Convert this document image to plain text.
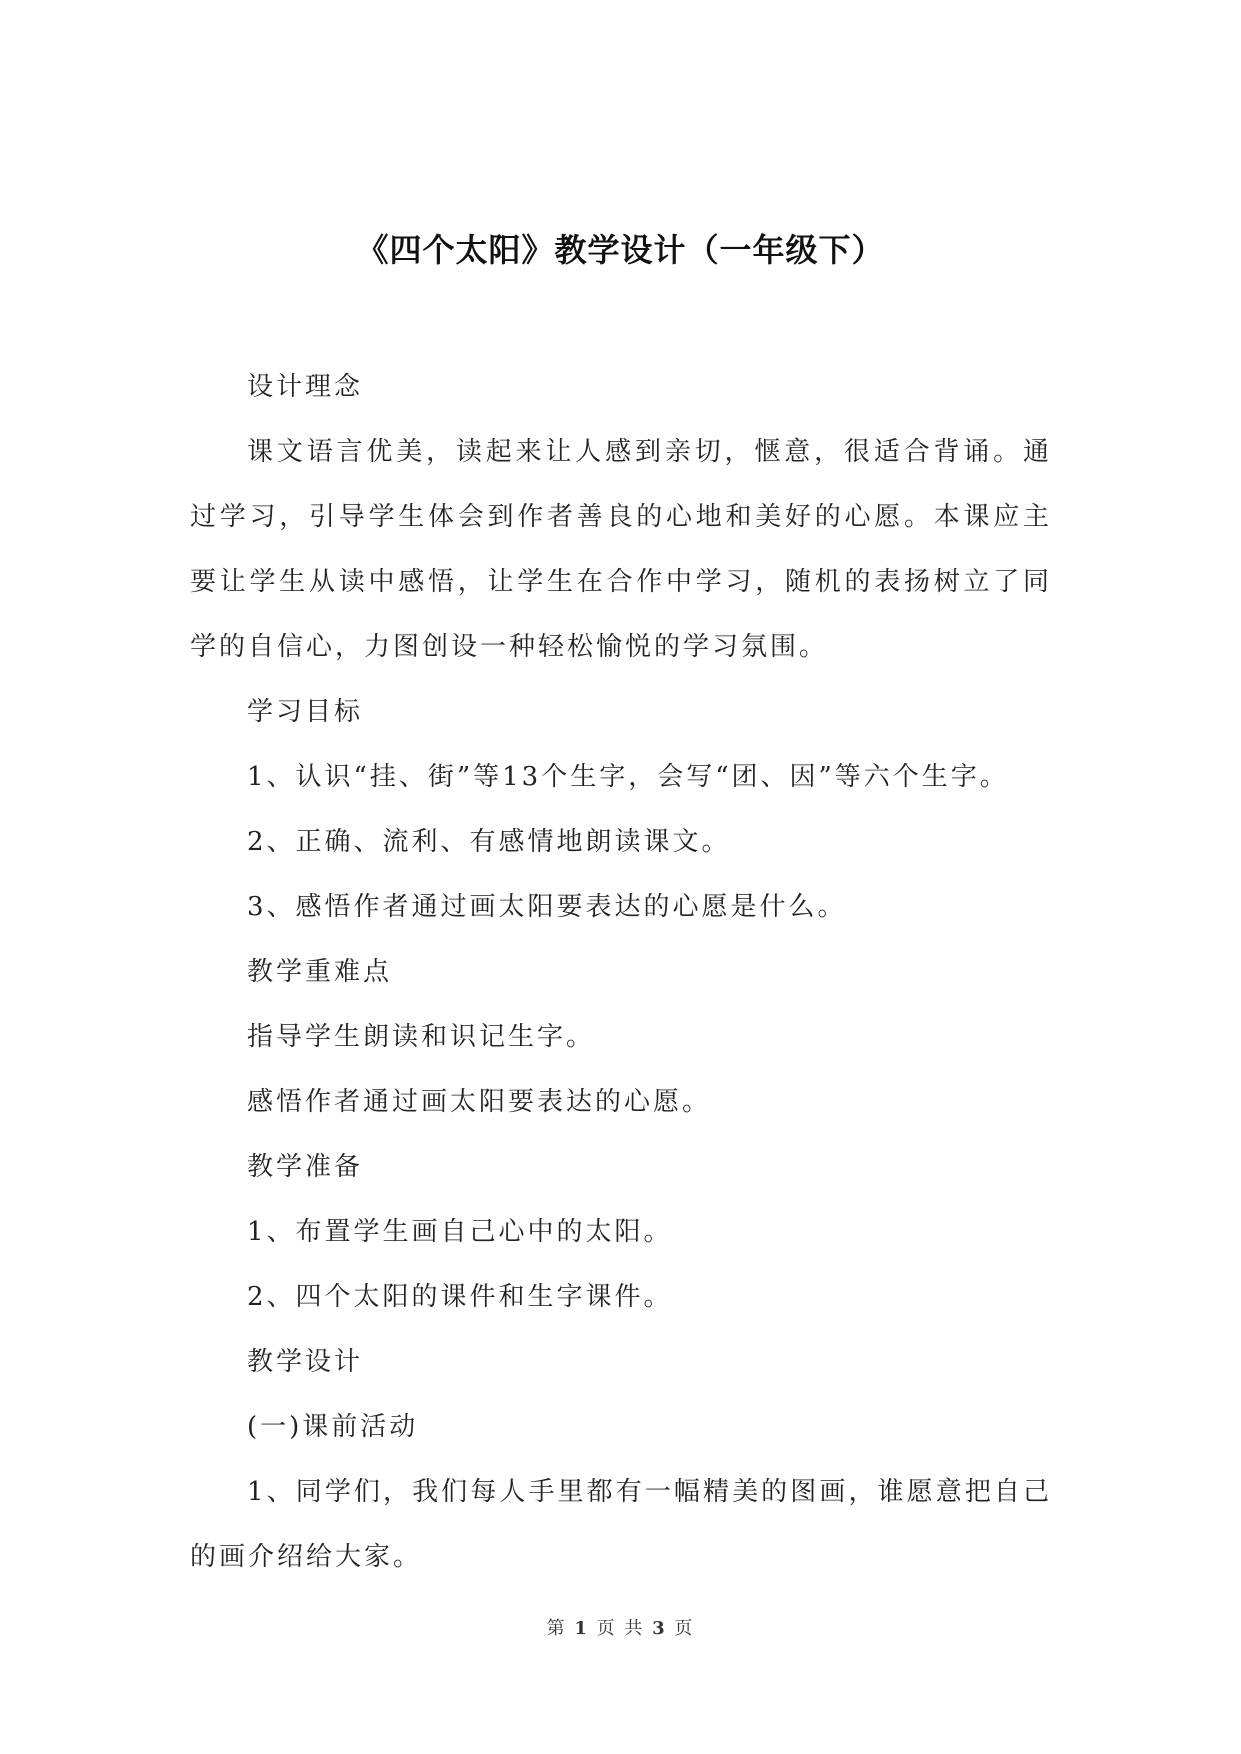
《四个太阳》教学设计（一年级下）

设计理念

课文语言优美，读起来让人感到亲切，惬意，很适合背诵。通过学习，引导学生体会到作者善良的心地和美好的心愿。本课应主要让学生从读中感悟，让学生在合作中学习，随机的表扬树立了同学的自信心，力图创设一种轻松愉悦的学习氛围。

学习目标

1、认识“挂、街”等13个生字，会写“团、因”等六个生字。

2、正确、流利、有感情地朗读课文。

3、感悟作者通过画太阳要表达的心愿是什么。

教学重难点

指导学生朗读和识记生字。

感悟作者通过画太阳要表达的心愿。

教学准备

1、布置学生画自己心中的太阳。

2、四个太阳的课件和生字课件。

教学设计

(一)课前活动

1、同学们，我们每人手里都有一幅精美的图画，谁愿意把自己的画介绍给大家。

第 1 页 共 3 页
